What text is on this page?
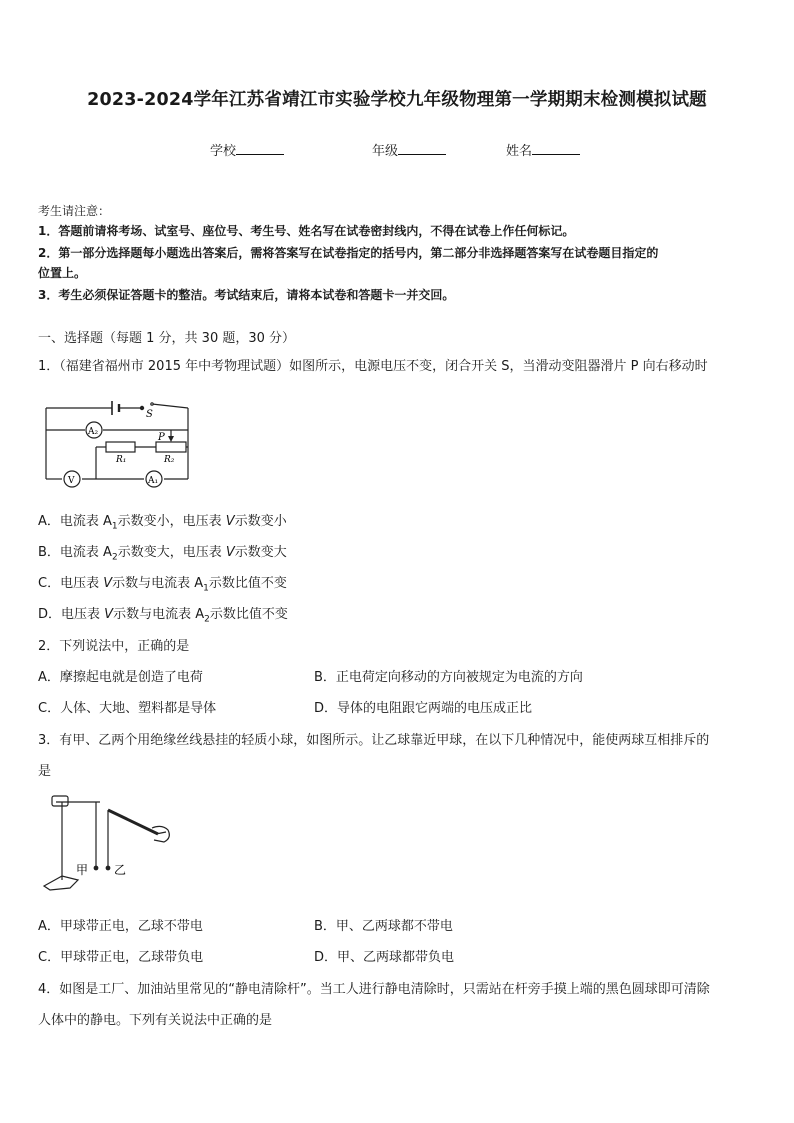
2023-2024学年江苏省靖江市实验学校九年级物理第一学期期末检测模拟试题
学校	年级	姓名
考生请注意：
1．答题前请将考场、试室号、座位号、考生号、姓名写在试卷密封线内，不得在试卷上作任何标记。
2．第一部分选择题每小题选出答案后，需将答案写在试卷指定的括号内，第二部分非选择题答案写在试卷题目指定的
位置上。
3．考生必须保证答题卡的整洁。考试结束后，请将本试卷和答题卡一并交回。
一、选择题（每题 1 分，共 30 题，30 分）
1．（福建省福州市 2015 年中考物理试题）如图所示，电源电压不变，闭合开关 S，当滑动变阻器滑片 P 向右移动时
A₂
V	A₁
S
P
R₁	R₂
A．电流表 $A_1$示数变小，电压表 V示数变小
B．电流表 $A_2$示数变大，电压表 V示数变大
C．电压表 V示数与电流表 $A_1$示数比值不变
D．电压表 V示数与电流表 $A_2$示数比值不变
2．下列说法中，正确的是
A．摩擦起电就是创造了电荷	B．正电荷定向移动的方向被规定为电流的方向
C．人体、大地、塑料都是导体	D．导体的电阻跟它两端的电压成正比
3．有甲、乙两个用绝缘丝线悬挂的轻质小球，如图所示。让乙球靠近甲球，在以下几种情况中，能使两球互相排斥的
是
甲 乙
A．甲球带正电，乙球不带电	B．甲、乙两球都不带电
C．甲球带正电，乙球带负电	D．甲、乙两球都带负电
4．如图是工厂、加油站里常见的“静电清除杆”。当工人进行静电清除时，只需站在杆旁手摸上端的黑色圆球即可清除
人体中的静电。下列有关说法中正确的是
